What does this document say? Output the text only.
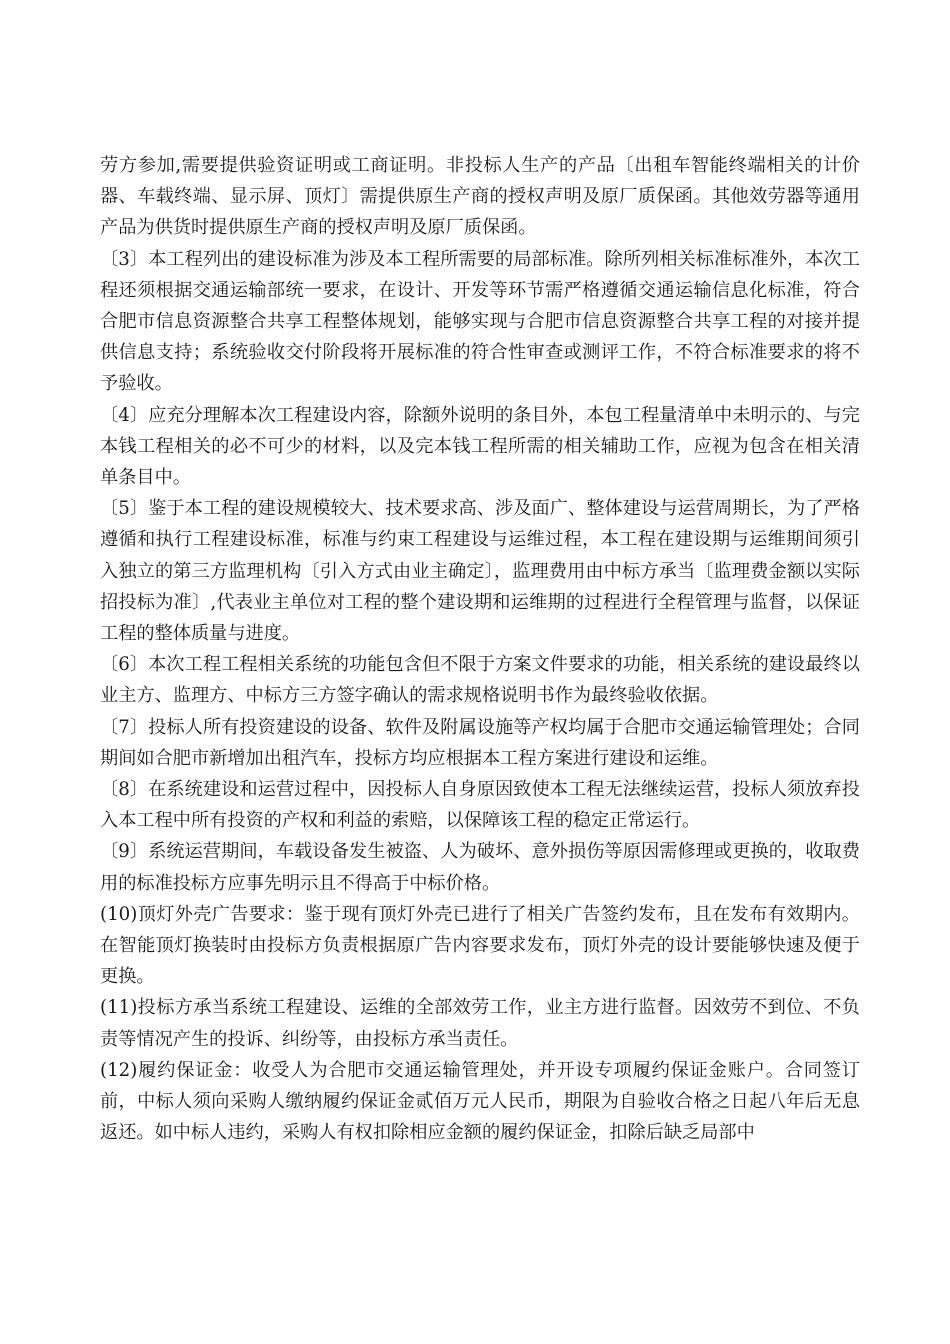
劳方参加,需要提供验资证明或工商证明。非投标人生产的产品〔出租车智能终端相关的计价器、车载终端、显示屏、顶灯〕需提供原生产商的授权声明及原厂质保函。其他效劳器等通用产品为供货时提供原生产商的授权声明及原厂质保函。

〔3〕本工程列出的建设标准为涉及本工程所需要的局部标准。除所列相关标准标准外，本次工程还须根据交通运输部统一要求，在设计、开发等环节需严格遵循交通运输信息化标准，符合合肥市信息资源整合共享工程整体规划，能够实现与合肥市信息资源整合共享工程的对接并提供信息支持；系统验收交付阶段将开展标准的符合性审查或测评工作，不符合标准要求的将不予验收。

〔4〕应充分理解本次工程建设内容，除额外说明的条目外，本包工程量清单中未明示的、与完本钱工程相关的必不可少的材料，以及完本钱工程所需的相关辅助工作，应视为包含在相关清单条目中。

〔5〕鉴于本工程的建设规模较大、技术要求高、涉及面广、整体建设与运营周期长，为了严格遵循和执行工程建设标准，标准与约束工程建设与运维过程，本工程在建设期与运维期间须引入独立的第三方监理机构〔引入方式由业主确定〕，监理费用由中标方承当〔监理费金额以实际招投标为准〕,代表业主单位对工程的整个建设期和运维期的过程进行全程管理与监督，以保证工程的整体质量与进度。

〔6〕本次工程工程相关系统的功能包含但不限于方案文件要求的功能，相关系统的建设最终以业主方、监理方、中标方三方签字确认的需求规格说明书作为最终验收依据。

〔7〕投标人所有投资建设的设备、软件及附属设施等产权均属于合肥市交通运输管理处；合同期间如合肥市新增加出租汽车，投标方均应根据本工程方案进行建设和运维。

〔8〕在系统建设和运营过程中，因投标人自身原因致使本工程无法继续运营，投标人须放弃投入本工程中所有投资的产权和利益的索赔，以保障该工程的稳定正常运行。

〔9〕系统运营期间，车载设备发生被盗、人为破坏、意外损伤等原因需修理或更换的，收取费用的标准投标方应事先明示且不得高于中标价格。

(10)顶灯外壳广告要求：鉴于现有顶灯外壳已进行了相关广告签约发布，且在发布有效期内。在智能顶灯换装时由投标方负责根据原广告内容要求发布，顶灯外壳的设计要能够快速及便于更换。

(11)投标方承当系统工程建设、运维的全部效劳工作，业主方进行监督。因效劳不到位、不负责等情况产生的投诉、纠纷等，由投标方承当责任。

(12)履约保证金：收受人为合肥市交通运输管理处，并开设专项履约保证金账户。合同签订前，中标人须向采购人缴纳履约保证金贰佰万元人民币，期限为自验收合格之日起八年后无息返还。如中标人违约，采购人有权扣除相应金额的履约保证金，扣除后缺乏局部中
